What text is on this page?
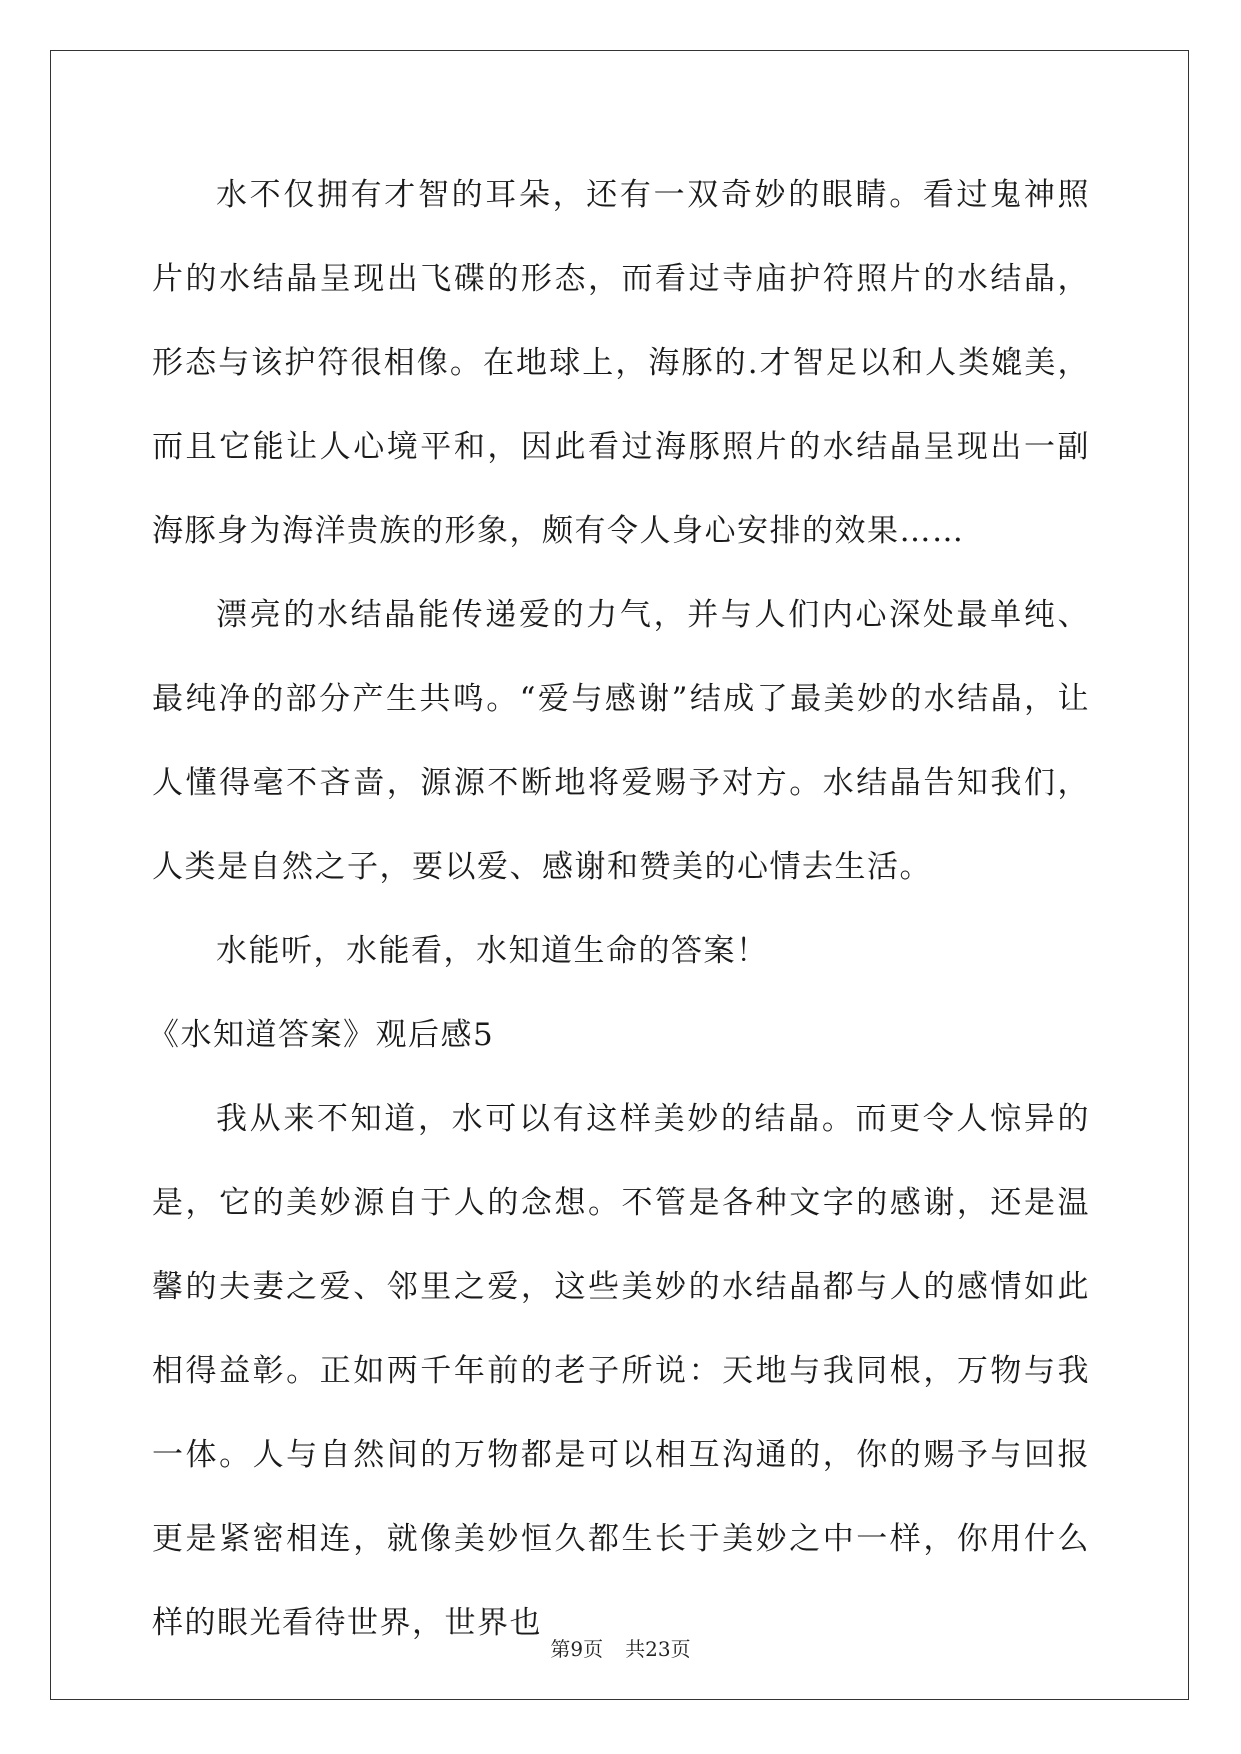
水不仅拥有才智的耳朵，还有一双奇妙的眼睛。看过鬼神照片的水结晶呈现出飞碟的形态，而看过寺庙护符照片的水结晶，形态与该护符很相像。在地球上，海豚的.才智足以和人类媲美，而且它能让人心境平和，因此看过海豚照片的水结晶呈现出一副海豚身为海洋贵族的形象，颇有令人身心安排的效果……

漂亮的水结晶能传递爱的力气，并与人们内心深处最单纯、最纯净的部分产生共鸣。“爱与感谢”结成了最美妙的水结晶，让人懂得毫不吝啬，源源不断地将爱赐予对方。水结晶告知我们，人类是自然之子，要以爱、感谢和赞美的心情去生活。

水能听，水能看，水知道生命的答案！

《水知道答案》观后感5

我从来不知道，水可以有这样美妙的结晶。而更令人惊异的是，它的美妙源自于人的念想。不管是各种文字的感谢，还是温馨的夫妻之爱、邻里之爱，这些美妙的水结晶都与人的感情如此相得益彰。正如两千年前的老子所说：天地与我同根，万物与我一体。人与自然间的万物都是可以相互沟通的，你的赐予与回报更是紧密相连，就像美妙恒久都生长于美妙之中一样，你用什么样的眼光看待世界，世界也

第9页 共23页
